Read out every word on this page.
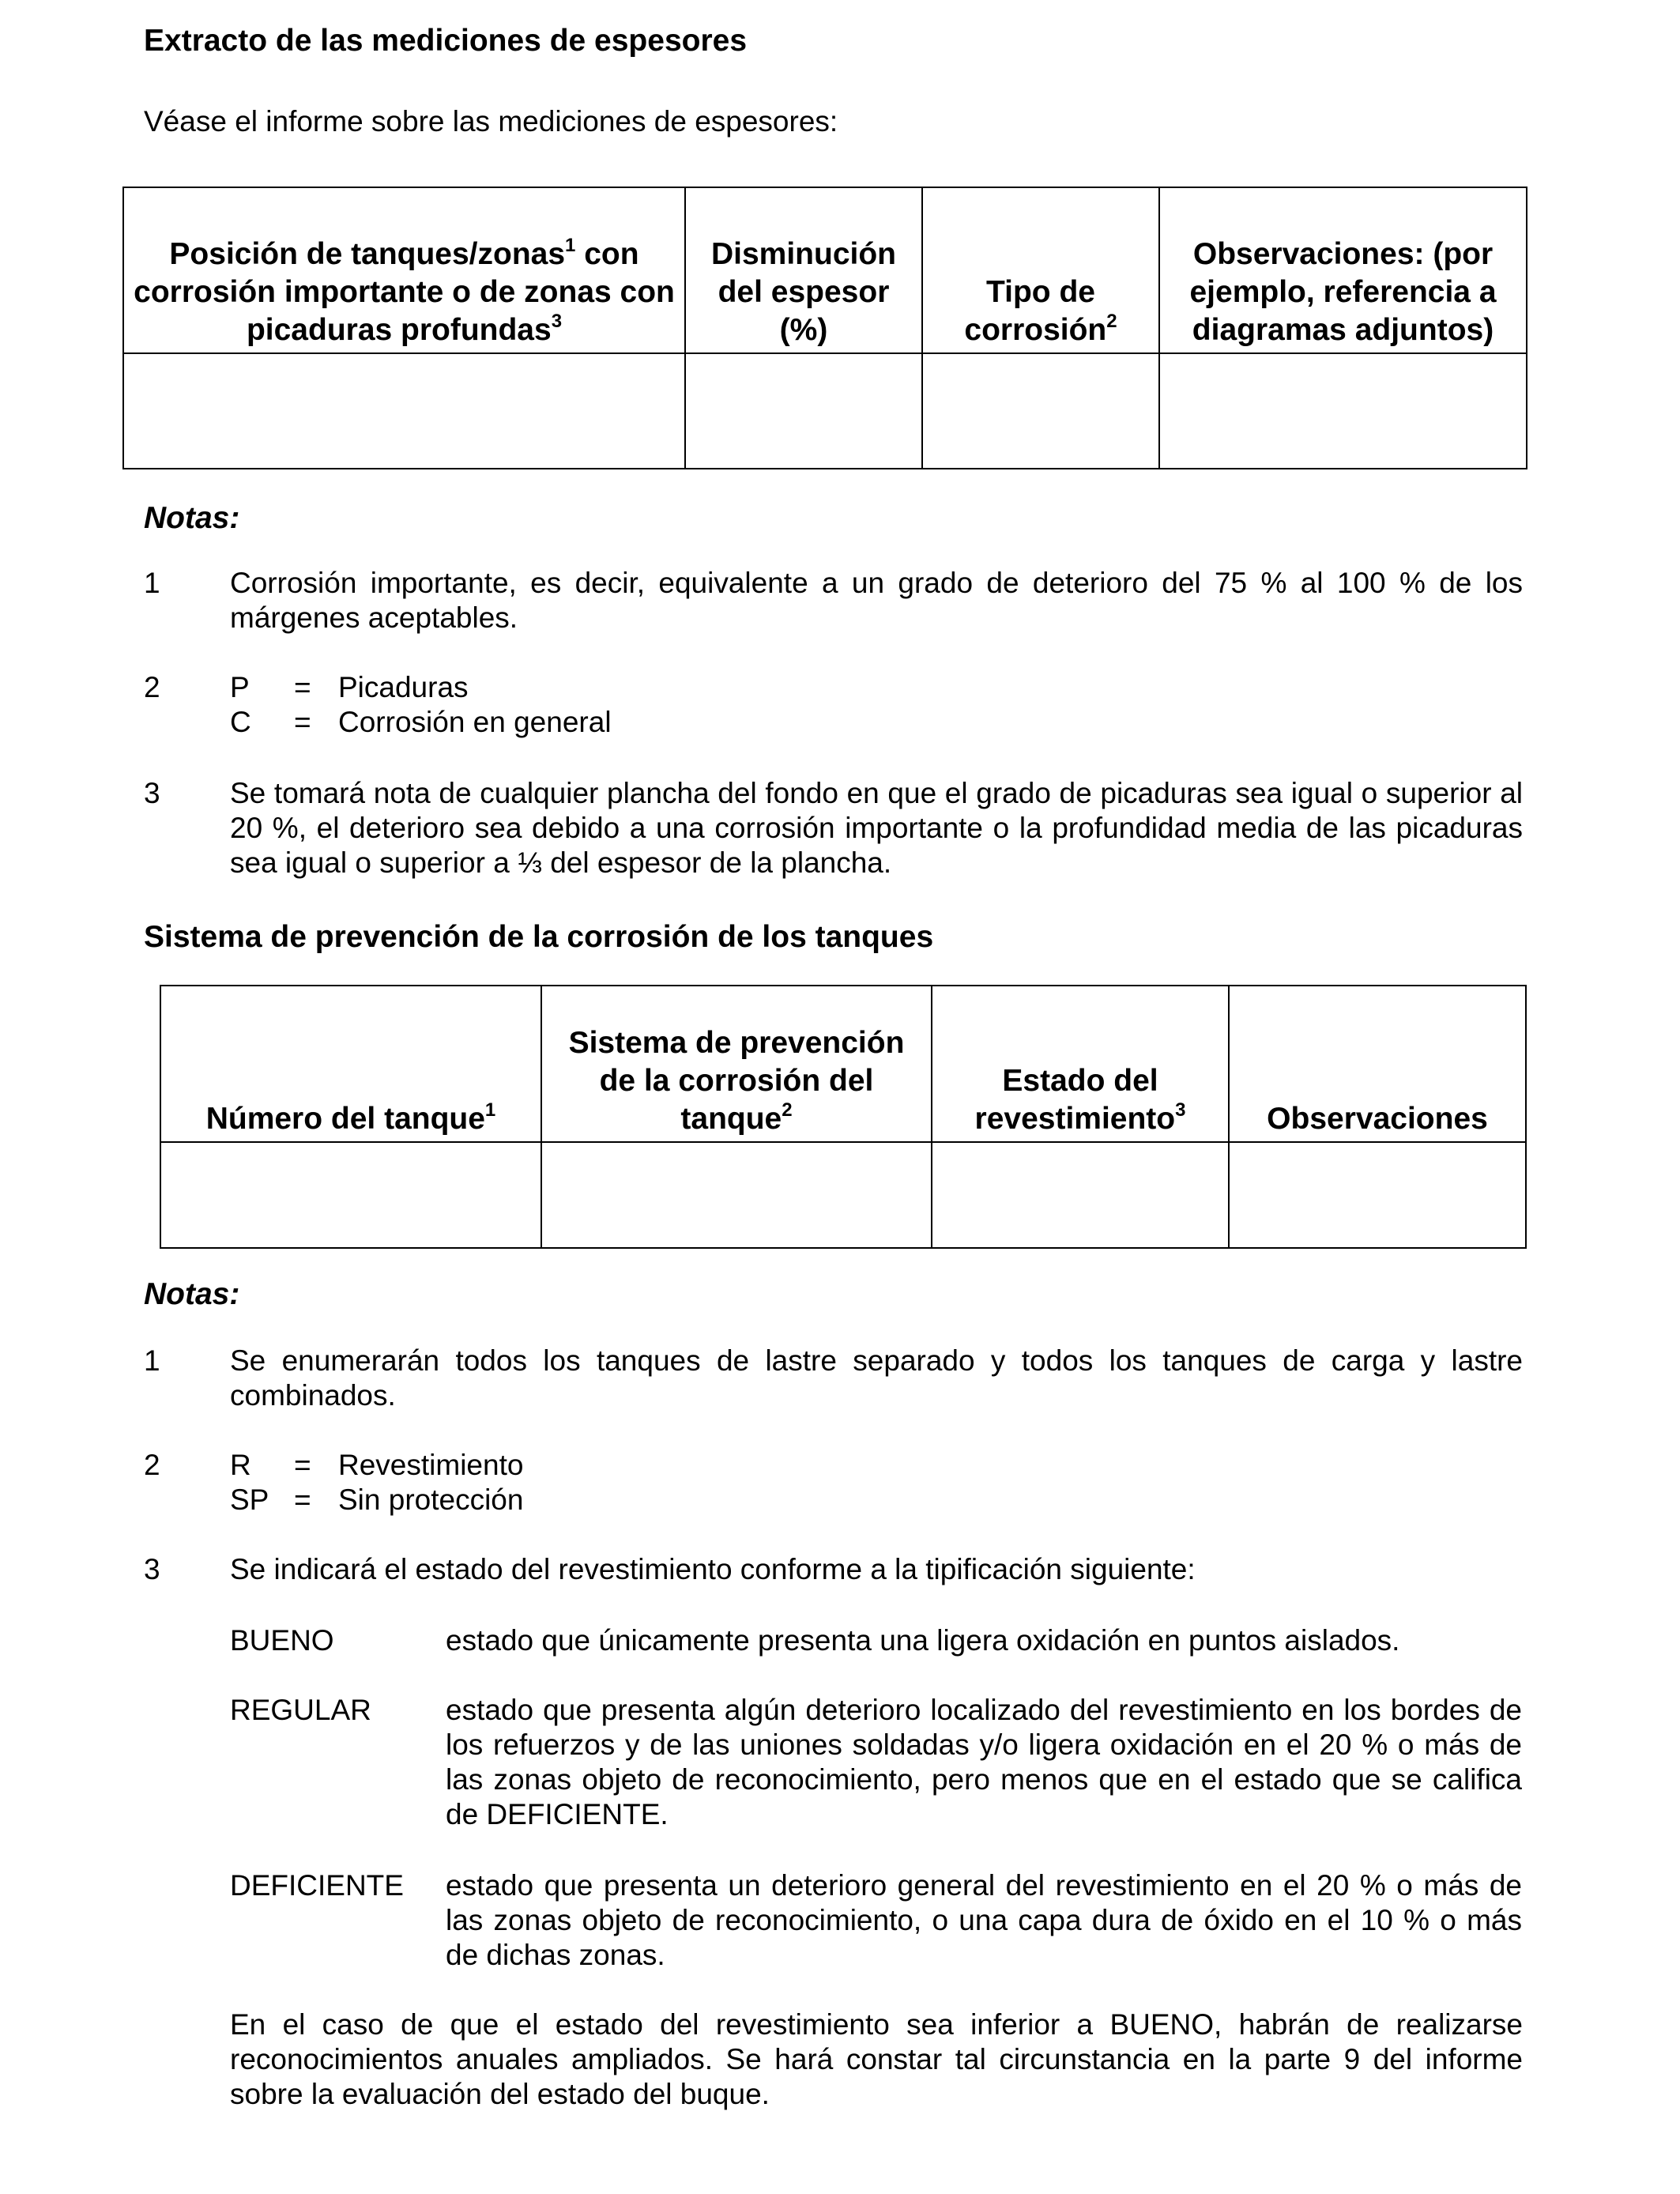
Extracto de las mediciones de espesores
Véase el informe sobre las mediciones de espesores:
Posición de tanques/zonas$^1$ con corrosión importante o de zonas con picaduras profundas$^3$	Disminución del espesor (%)	Tipo de corrosión$^2$	Observaciones: (por ejemplo, referencia a diagramas adjuntos)

Notas:
1	Corrosión importante, es decir, equivalente a un grado de deterioro del 75 % al 100 % de los márgenes aceptables.
2	P = Picaduras
C = Corrosión en general
3	Se tomará nota de cualquier plancha del fondo en que el grado de picaduras sea igual o superior al 20 %, el deterioro sea debido a una corrosión importante o la profundidad media de las picaduras sea igual o superior a ⅓ del espesor de la plancha.
Sistema de prevención de la corrosión de los tanques
Número del tanque$^1$	Sistema de prevención de la corrosión del tanque$^2$	Estado del revestimiento$^3$	Observaciones

Notas:
1	Se enumerarán todos los tanques de lastre separado y todos los tanques de carga y lastre combinados.
2	R = Revestimiento
SP = Sin protección
3	Se indicará el estado del revestimiento conforme a la tipificación siguiente:
BUENO	estado que únicamente presenta una ligera oxidación en puntos aislados.
REGULAR	estado que presenta algún deterioro localizado del revestimiento en los bordes de los refuerzos y de las uniones soldadas y/o ligera oxidación en el 20 % o más de las zonas objeto de reconocimiento, pero menos que en el estado que se califica de DEFICIENTE.
DEFICIENTE estado que presenta un deterioro general del revestimiento en el 20 % o más de las zonas objeto de reconocimiento, o una capa dura de óxido en el 10 % o más de dichas zonas.
En el caso de que el estado del revestimiento sea inferior a BUENO, habrán de realizarse reconocimientos anuales ampliados. Se hará constar tal circunstancia en la parte 9 del informe sobre la evaluación del estado del buque.
